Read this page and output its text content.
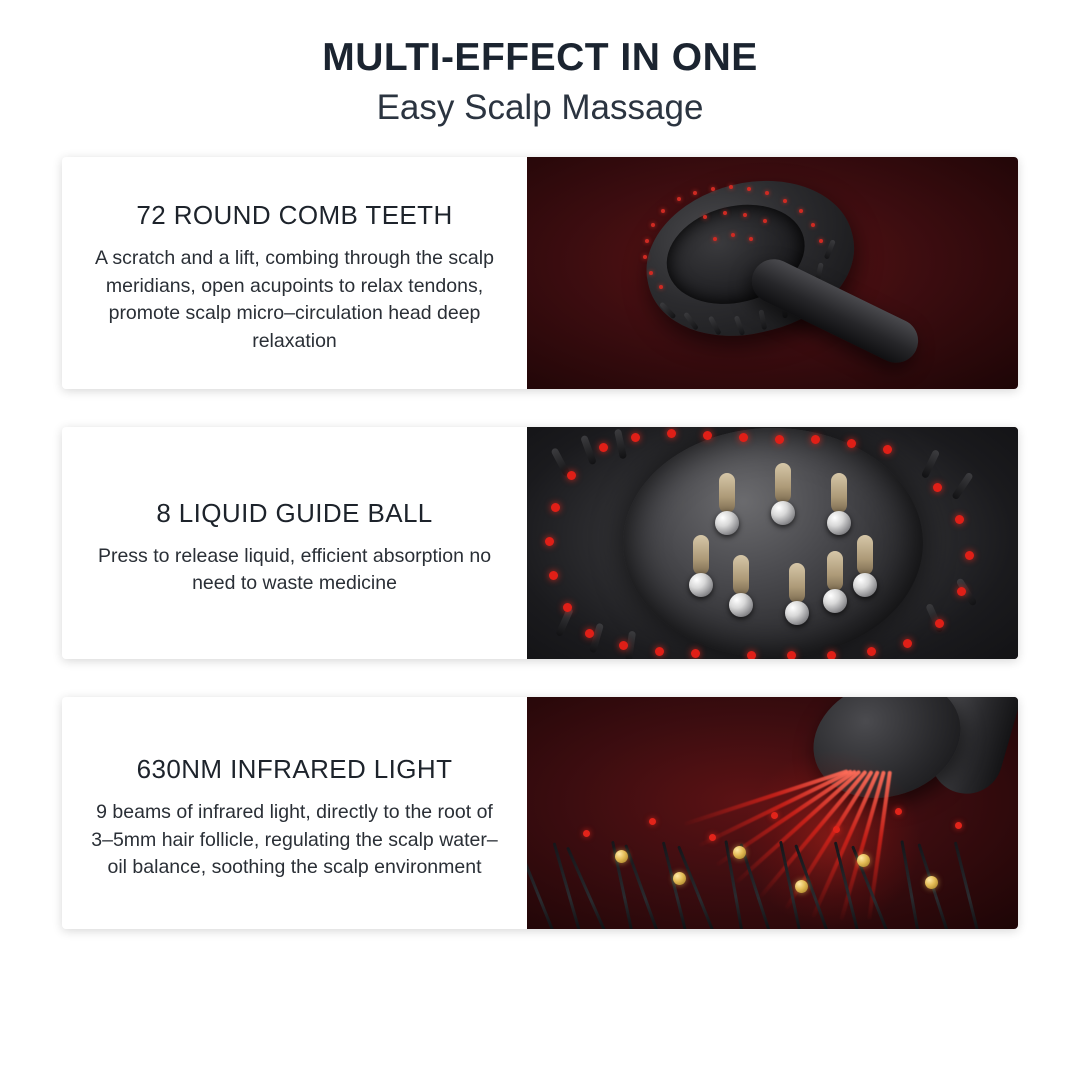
MULTI-EFFECT IN ONE
Easy Scalp Massage
72 ROUND COMB TEETH
A scratch and a lift, combing through the scalp meridians, open acupoints to relax tendons, promote scalp micro–circulation head deep relaxation
8 LIQUID GUIDE BALL
Press to release liquid, efficient absorption no need to waste medicine
630NM INFRARED LIGHT
9 beams of infrared light, directly to the root of 3–5mm hair follicle, regulating the scalp water–oil balance, soothing the scalp environment
